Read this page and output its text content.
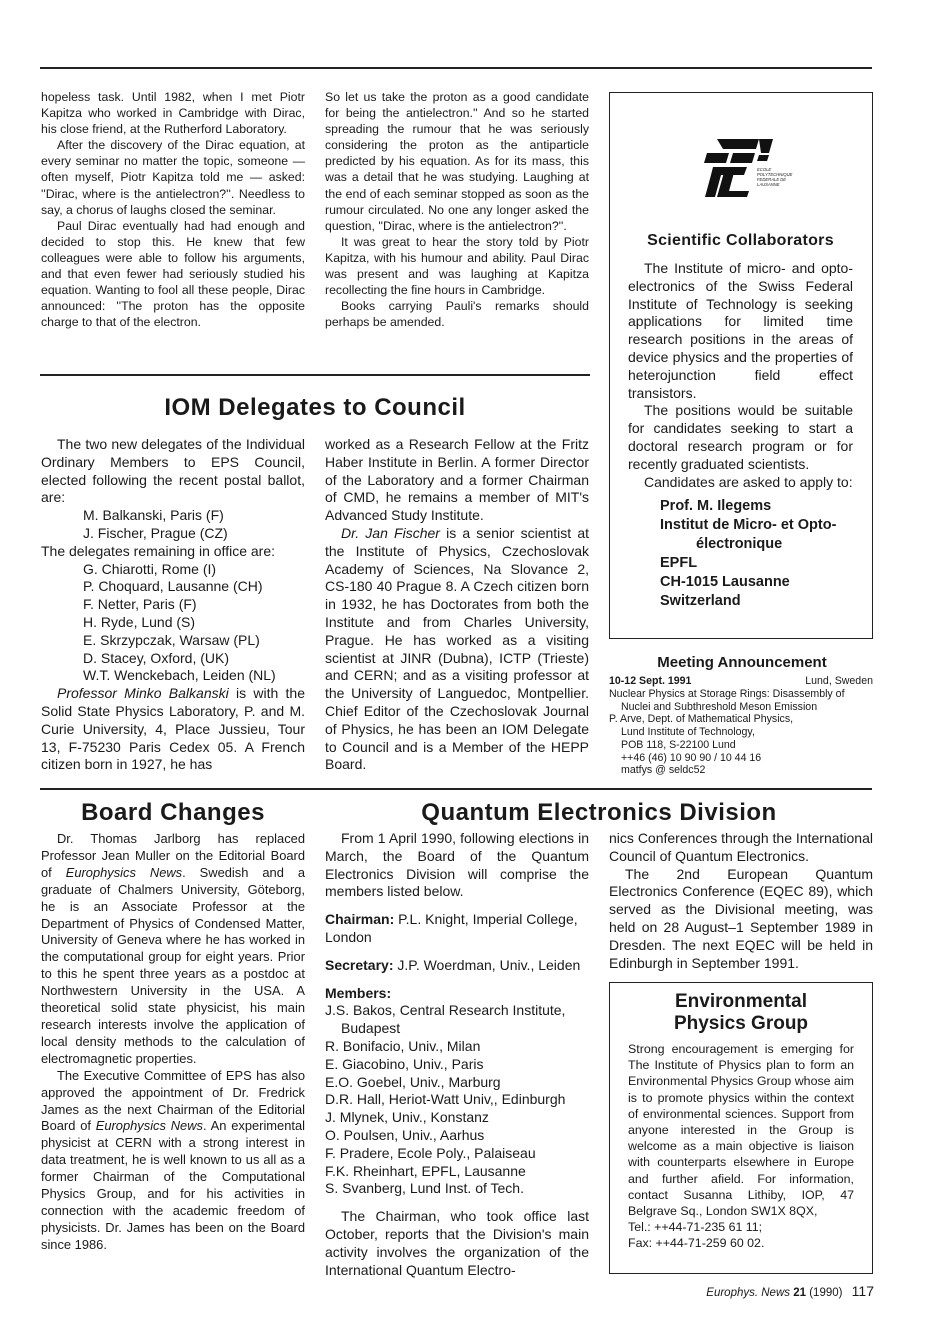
hopeless task. Until 1982, when I met Piotr Kapitza who worked in Cambridge with Dirac, his close friend, at the Rutherford Laboratory.

After the discovery of the Dirac equation, at every seminar no matter the topic, someone — often myself, Piotr Kapitza told me — asked: ''Dirac, where is the antielectron?''. Needless to say, a chorus of laughs closed the seminar.

Paul Dirac eventually had had enough and decided to stop this. He knew that few colleagues were able to follow his arguments, and that even fewer had seriously studied his equation. Wanting to fool all these people, Dirac announced: ''The proton has the opposite charge to that of the electron.

So let us take the proton as a good candidate for being the antielectron.'' And so he started spreading the rumour that he was seriously considering the proton as the antiparticle predicted by his equation. As for its mass, this was a detail that he was studying. Laughing at the end of each seminar stopped as soon as the rumour circulated. No one any longer asked the question, ''Dirac, where is the antielectron?''.

It was great to hear the story told by Piotr Kapitza, with his humour and ability. Paul Dirac was present and was laughing at Kapitza recollecting the fine hours in Cambridge.

Books carrying Pauli's remarks should perhaps be amended.

ECOLE POLYTECHNIQUE FEDERALE DE LAUSANNE
Scientific Collaborators

The Institute of micro- and opto-electronics of the Swiss Federal Institute of Technology is seeking applications for limited time research positions in the areas of device physics and the properties of heterojunction field effect transistors.

The positions would be suitable for candidates seeking to start a doctoral research program or for recently graduated scientists.

Candidates are asked to apply to:

Prof. M. Ilegems
Institut de Micro- et Opto-
électronique
EPFL
CH-1015 Lausanne
Switzerland
Meeting Announcement
10-12 Sept. 1991	Lund, Sweden
Nuclear Physics at Storage Rings: Disassembly of
Nuclei and Subthreshold Meson Emission
P. Arve, Dept. of Mathematical Physics,
Lund Institute of Technology,
POB 118, S-22100 Lund
++46 (46) 10 90 90 / 10 44 16
matfys @ seldc52
IOM Delegates to Council

The two new delegates of the Individual Ordinary Members to EPS Council, elected following the recent postal ballot, are:

M. Balkanski, Paris (F)

J. Fischer, Prague (CZ)

The delegates remaining in office are:

G. Chiarotti, Rome (I)

P. Choquard, Lausanne (CH)

F. Netter, Paris (F)

H. Ryde, Lund (S)

E. Skrzypczak, Warsaw (PL)

D. Stacey, Oxford, (UK)

W.T. Wenckebach, Leiden (NL)

Professor Minko Balkanski is with the Solid State Physics Laboratory, P. and M. Curie University, 4, Place Jussieu, Tour 13, F-75230 Paris Cedex 05. A French citizen born in 1927, he has

worked as a Research Fellow at the Fritz Haber Institute in Berlin. A former Director of the Laboratory and a former Chairman of CMD, he remains a member of MIT's Advanced Study Institute.

Dr. Jan Fischer is a senior scientist at the Institute of Physics, Czechoslovak Academy of Sciences, Na Slovance 2, CS-180 40 Prague 8. A Czech citizen born in 1932, he has Doctorates from both the Institute and from Charles University, Prague. He has worked as a visiting scientist at JINR (Dubna), ICTP (Trieste) and CERN; and as a visiting professor at the University of Languedoc, Montpellier. Chief Editor of the Czechoslovak Journal of Physics, he has been an IOM Delegate to Council and is a Member of the HEPP Board.

Board Changes

Dr. Thomas Jarlborg has replaced Professor Jean Muller on the Editorial Board of Europhysics News. Swedish and a graduate of Chalmers University, Göteborg, he is an Associate Professor at the Department of Physics of Condensed Matter, University of Geneva where he has worked in the computational group for eight years. Prior to this he spent three years as a postdoc at Northwestern University in the USA. A theoretical solid state physicist, his main research interests involve the application of local density methods to the calculation of electromagnetic properties.

The Executive Committee of EPS has also approved the appointment of Dr. Fredrick James as the next Chairman of the Editorial Board of Europhysics News. An experimental physicist at CERN with a strong interest in data treatment, he is well known to us all as a former Chairman of the Computational Physics Group, and for his activities in connection with the academic freedom of physicists. Dr. James has been on the Board since 1986.

Quantum Electronics Division

From 1 April 1990, following elections in March, the Board of the Quantum Electronics Division will comprise the members listed below.

Chairman: P.L. Knight, Imperial College, London

Secretary: J.P. Woerdman, Univ., Leiden

Members:

J.S. Bakos, Central Research Institute, Budapest

R. Bonifacio, Univ., Milan

E. Giacobino, Univ., Paris

E.O. Goebel, Univ., Marburg

D.R. Hall, Heriot-Watt Univ,, Edinburgh

J. Mlynek, Univ., Konstanz

O. Poulsen, Univ., Aarhus

F. Pradere, Ecole Poly., Palaiseau

F.K. Rheinhart, EPFL, Lausanne

S. Svanberg, Lund Inst. of Tech.

The Chairman, who took office last October, reports that the Division's main activity involves the organization of the International Quantum Electro-

nics Conferences through the International Council of Quantum Electronics.

The 2nd European Quantum Electronics Conference (EQEC 89), which served as the Divisional meeting, was held on 28 August–1 September 1989 in Dresden. The next EQEC will be held in Edinburgh in September 1991.

Environmental
Physics Group

Strong encouragement is emerging for The Institute of Physics plan to form an Environmental Physics Group whose aim is to promote physics within the context of environmental sciences. Support from anyone interested in the Group is welcome as a main objective is liaison with counterparts elsewhere in Europe and further afield. For information, contact Susanna Lithiby, IOP, 47 Belgrave Sq., London SW1X 8QX,

Tel.: ++44-71-235 61 11;

Fax: ++44-71-259 60 02.

Europhys. News 21 (1990) 117
